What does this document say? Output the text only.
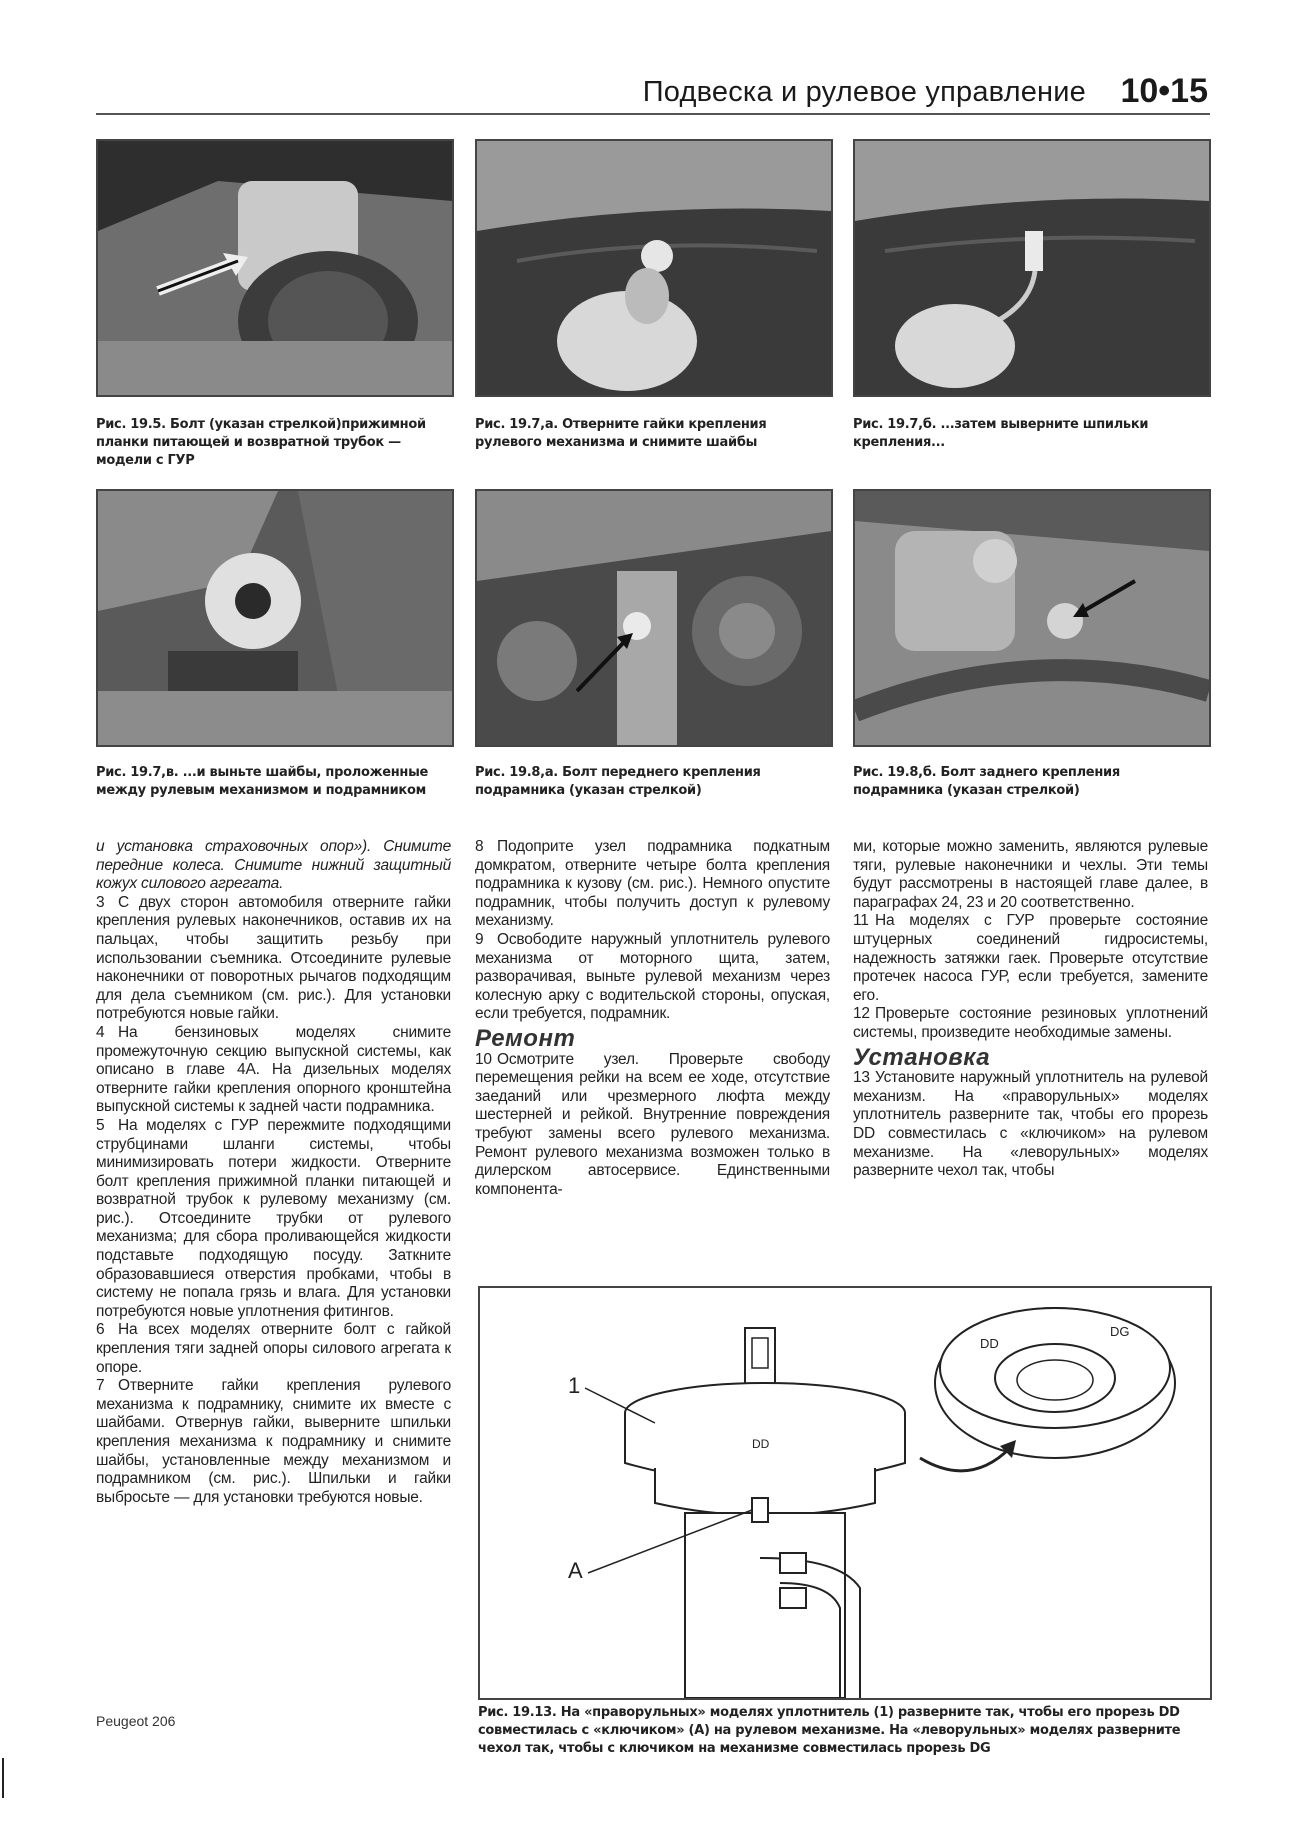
Подвеска и рулевое управление 10•15
Рис. 19.5. Болт (указан стрелкой)прижимной планки питающей и возвратной трубок — модели с ГУР
Рис. 19.7,а. Отверните гайки крепления рулевого механизма и снимите шайбы
Рис. 19.7,б. ...затем выверните шпильки крепления...
Рис. 19.7,в. ...и выньте шайбы, проложенные между рулевым механизмом и подрамником
Рис. 19.8,а. Болт переднего крепления подрамника (указан стрелкой)
Рис. 19.8,б. Болт заднего крепления подрамника (указан стрелкой)

и установка страховочных опор»). Снимите передние колеса. Снимите нижний защитный кожух силового агрегата.

3 С двух сторон автомобиля отверните гайки крепления рулевых наконечников, оставив их на пальцах, чтобы защитить резьбу при использовании съемника. Отсоедините рулевые наконечники от поворотных рычагов подходящим для дела съемником (см. рис.). Для установки потребуются новые гайки.

4 На бензиновых моделях снимите промежуточную секцию выпускной системы, как описано в главе 4А. На дизельных моделях отверните гайки крепления опорного кронштейна выпускной системы к задней части подрамника.

5 На моделях с ГУР пережмите подходящими струбцинами шланги системы, чтобы минимизировать потери жидкости. Отверните болт крепления прижимной планки питающей и возвратной трубок к рулевому механизму (см. рис.). Отсоедините трубки от рулевого механизма; для сбора проливающейся жидкости подставьте подходящую посуду. Заткните образовавшиеся отверстия пробками, чтобы в систему не попала грязь и влага. Для установки потребуются новые уплотнения фитингов.

6 На всех моделях отверните болт с гайкой крепления тяги задней опоры силового агрегата к опоре.

7 Отверните гайки крепления рулевого механизма к подрамнику, снимите их вместе с шайбами. Отвернув гайки, выверните шпильки крепления механизма к подрамнику и снимите шайбы, установленные между механизмом и подрамником (см. рис.). Шпильки и гайки выбросьте — для установки требуются новые.

8 Подоприте узел подрамника подкатным домкратом, отверните четыре болта крепления подрамника к кузову (см. рис.). Немного опустите подрамник, чтобы получить доступ к рулевому механизму.

9 Освободите наружный уплотнитель рулевого механизма от моторного щита, затем, разворачивая, выньте рулевой механизм через колесную арку с водительской стороны, опуская, если требуется, подрамник.

Ремонт

10 Осмотрите узел. Проверьте свободу перемещения рейки на всем ее ходе, отсутствие заеданий или чрезмерного люфта между шестерней и рейкой. Внутренние повреждения требуют замены всего рулевого механизма. Ремонт рулевого механизма возможен только в дилерском автосервисе. Единственными компонента-

ми, которые можно заменить, являются рулевые тяги, рулевые наконечники и чехлы. Эти темы будут рассмотрены в настоящей главе далее, в параграфах 24, 23 и 20 соответственно.

11 На моделях с ГУР проверьте состояние штуцерных соединений гидросистемы, надежность затяжки гаек. Проверьте отсутствие протечек насоса ГУР, если требуется, замените его.

12 Проверьте состояние резиновых уплотнений системы, произведите необходимые замены.

Установка

13 Установите наружный уплотнитель на рулевой механизм. На «праворульных» моделях уплотнитель разверните так, чтобы его прорезь DD совместилась с «ключиком» на рулевом механизме. На «леворульных» моделях разверните чехол так, чтобы

DD
1
A
DD
DG
Рис. 19.13. На «праворульных» моделях уплотнитель (1) разверните так, чтобы его прорезь DD совместилась с «ключиком» (А) на рулевом механизме. На «леворульных» моделях разверните чехол так, чтобы с ключиком на механизме совместилась прорезь DG
Peugeot 206
